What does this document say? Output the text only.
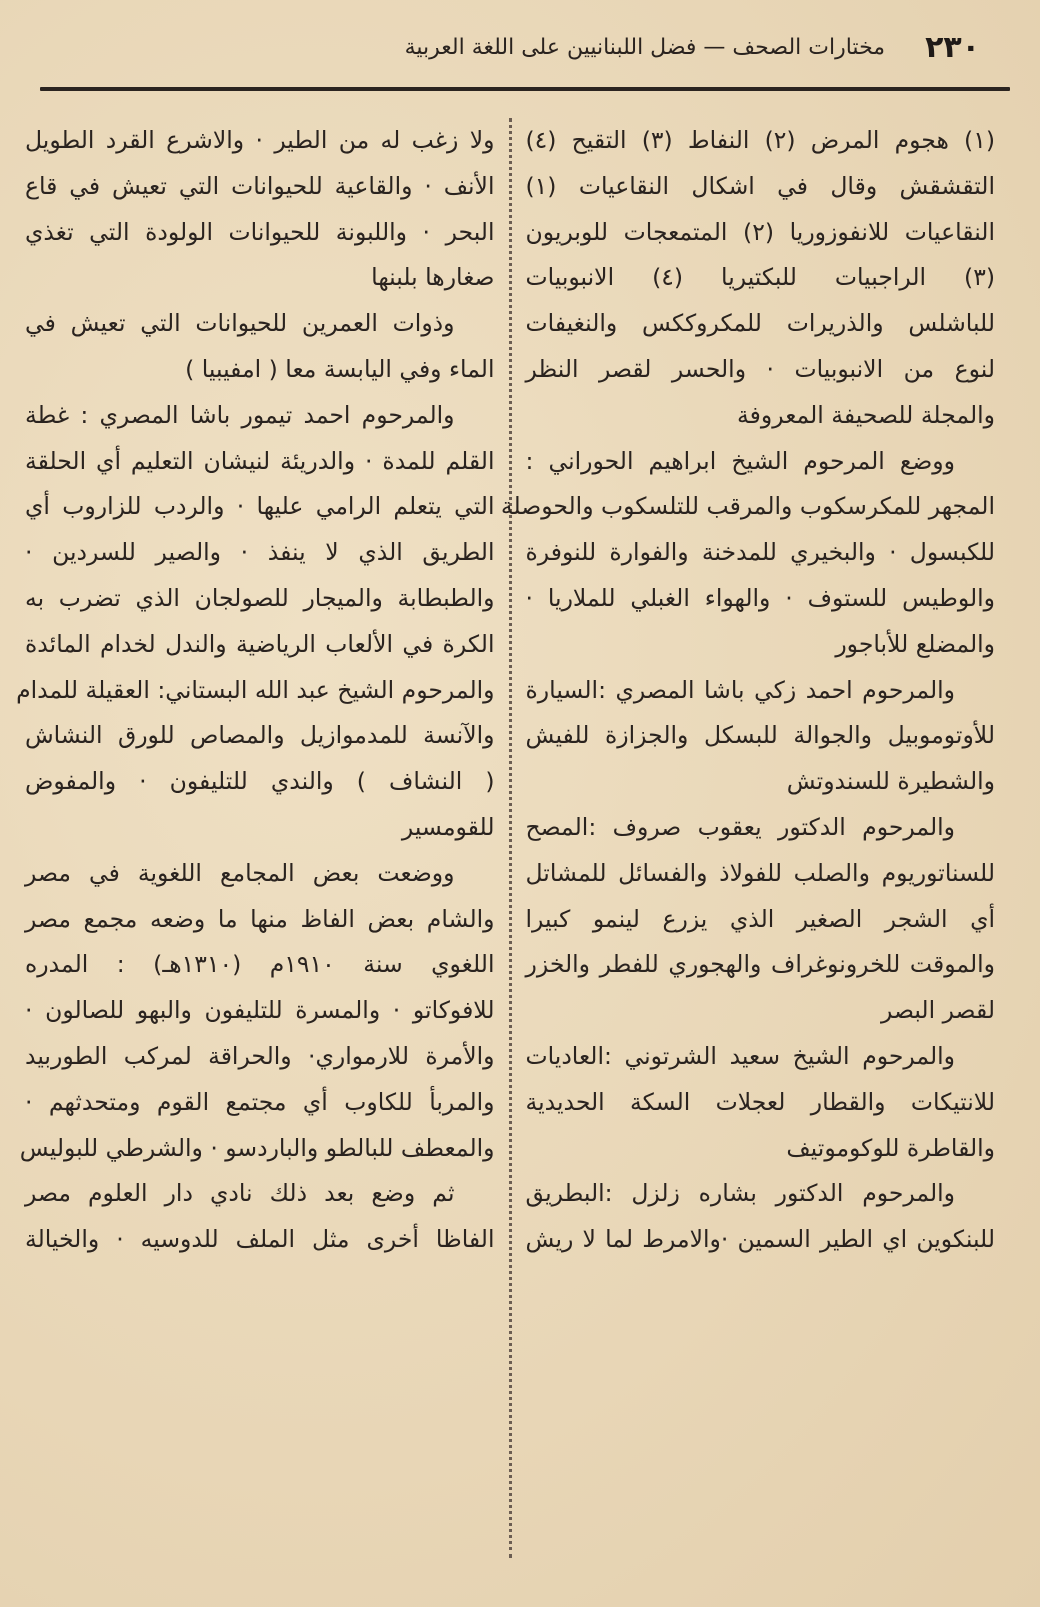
٢٣٠
مختارات الصحف — فضل اللبنانيين على اللغة العربية
(١) هجوم المرض (٢) النفاط (٣) التقيح (٤)
التقشقش وقال في اشكال النقاعيات (١)
النقاعيات للانفوزوريا (٢) المتمعجات للوبريون
(٣) الراجبيات للبكتيريا (٤) الانبوبيات
للباشلس والذريرات للمكروككس والنغيفات
لنوع من الانبوبيات · والحسر لقصر النظر
والمجلة للصحيفة المعروفة
ووضع المرحوم الشيخ ابراهيم الحوراني :
المجهر للمكرسكوب والمرقب للتلسكوب والحوصلة
للكبسول · والبخيري للمدخنة والفوارة للنوفرة
والوطيس للستوف · والهواء الغبلي للملاريا ·
والمضلع للأباجور
والمرحوم احمد زكي باشا المصري :السيارة
للأوتوموبيل والجوالة للبسكل والجزازة للفيش
والشطيرة للسندوتش
والمرحوم الدكتور يعقوب صروف :المصح
للسناتوريوم والصلب للفولاذ والفسائل للمشاتل
أي الشجر الصغير الذي يزرع لينمو كبيرا
والموقت للخرونوغراف والهجوري للفطر والخزر
لقصر البصر
والمرحوم الشيخ سعيد الشرتوني :العاديات
للانتيكات والقطار لعجلات السكة الحديدية
والقاطرة للوكوموتيف
والمرحوم الدكتور بشاره زلزل :البطريق
للبنكوين اي الطير السمين ·والامرط لما لا ريش
ولا زغب له من الطير · والاشرع القرد الطويل
الأنف · والقاعية للحيوانات التي تعيش في قاع
البحر · واللبونة للحيوانات الولودة التي تغذي
صغارها بلبنها
وذوات العمرين للحيوانات التي تعيش في
الماء وفي اليابسة معا ( امفيبيا )
والمرحوم احمد تيمور باشا المصري : غطة
القلم للمدة · والدريئة لنيشان التعليم أي الحلقة
التي يتعلم الرامي عليها · والردب للزاروب أي
الطريق الذي لا ينفذ · والصير للسردين ·
والطبطابة والميجار للصولجان الذي تضرب به
الكرة في الألعاب الرياضية والندل لخدام المائدة
والمرحوم الشيخ عبد الله البستاني: العقيلة للمدام
والآنسة للمدموازيل والمصاص للورق النشاش
( النشاف ) والندي للتليفون · والمفوض
للقومسير
ووضعت بعض المجامع اللغوية في مصر
والشام بعض الفاظ منها ما وضعه مجمع مصر
اللغوي سنة ١٩١٠م (١٣١٠هـ) : المدره
للافوكاتو · والمسرة للتليفون والبهو للصالون ·
والأمرة للارمواري· والحراقة لمركب الطوربيد
والمربأ للكاوب أي مجتمع القوم ومتحدثهم ·
والمعطف للبالطو والباردسو · والشرطي للبوليس
ثم وضع بعد ذلك نادي دار العلوم مصر
الفاظا أخرى مثل الملف للدوسيه · والخيالة
